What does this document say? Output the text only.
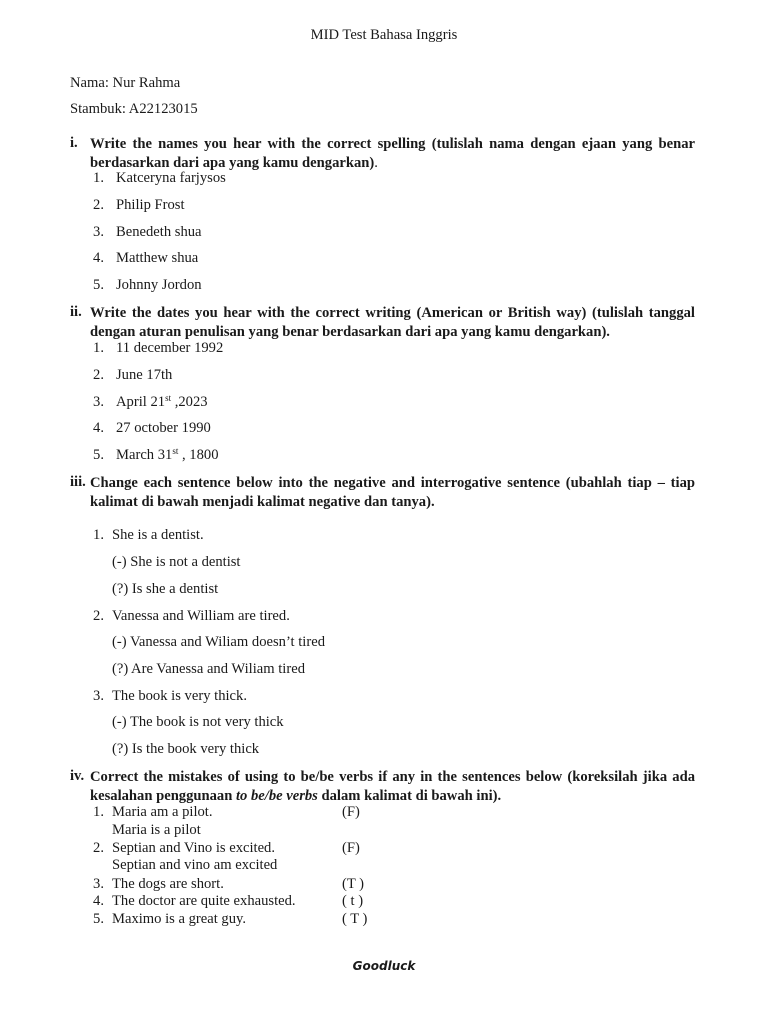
MID Test Bahasa Inggris
Nama: Nur Rahma
Stambuk: A22123015
i. Write the names you hear with the correct spelling (tulislah nama dengan ejaan yang benar
berdasarkan dari apa yang kamu dengarkan).
1. Katceryna farjysos
2. Philip Frost
3. Benedeth shua
4. Matthew shua
5. Johnny Jordon
ii. Write the dates you hear with the correct writing (American or British way) (tulislah tanggal
dengan aturan penulisan yang benar berdasarkan dari apa yang kamu dengarkan).
1. 11 december 1992
2. June 17th
3. April 21st ,2023
4. 27 october 1990
5. March 31st , 1800
iii. Change each sentence below into the negative and interrogative sentence (ubahlah tiap – tiap
kalimat di bawah menjadi kalimat negative dan tanya).
1. She is a dentist.
(-) She is not a dentist
(?) Is she a dentist
2. Vanessa and William are tired.
(-) Vanessa and Wiliam doesn’t tired
(?) Are Vanessa and Wiliam tired
3. The book is very thick.
(-) The book is not very thick
(?) Is the book very thick
iv. Correct the mistakes of using to be/be verbs if any in the sentences below (koreksilah jika ada
kesalahan penggunaan to be/be verbs dalam kalimat di bawah ini).
1. Maria am a pilot.	(F)
Maria is a pilot
2. Septian and Vino is excited.	(F)
Septian and vino am excited
3. The dogs are short.	(T )
4. The doctor are quite exhausted.	( t )
5. Maximo is a great guy.	( T )
Goodluck
